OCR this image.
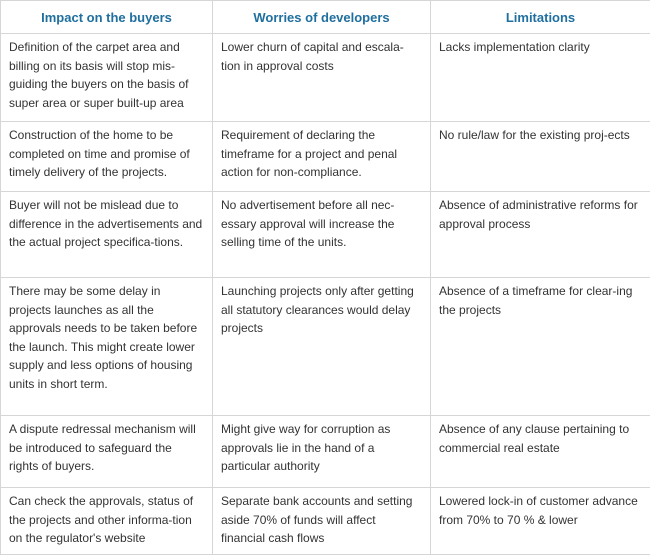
Impact on the buyers	Worries of developers	Limitations
Definition of the carpet area and billing on its basis will stop mis-guiding the buyers on the basis of super area or super built-up area	Lower churn of capital and escala-tion in approval costs	Lacks implementation clarity
Construction of the home to be completed on time and promise of timely delivery of the projects.	Requirement of declaring the timeframe for a project and penal action for non-compliance.	No rule/law for the existing proj-ects
Buyer will not be mislead due to difference in the advertisements and the actual project specifica-tions.	No advertisement before all nec-essary approval will increase the selling time of the units.	Absence of administrative reforms for approval process
There may be some delay in projects launches as all the approvals needs to be taken before the launch. This might create lower supply and less options of housing units in short term.	Launching projects only after getting all statutory clearances would delay projects	Absence of a timeframe for clear-ing the projects
A dispute redressal mechanism will be introduced to safeguard the rights of buyers.	Might give way for corruption as approvals lie in the hand of a particular authority	Absence of any clause pertaining to commercial real estate
Can check the approvals, status of the projects and other informa-tion on the regulator's website	Separate bank accounts and setting aside 70% of funds will affect financial cash flows	Lowered lock-in of customer advance from 70% to 70 % & lower
